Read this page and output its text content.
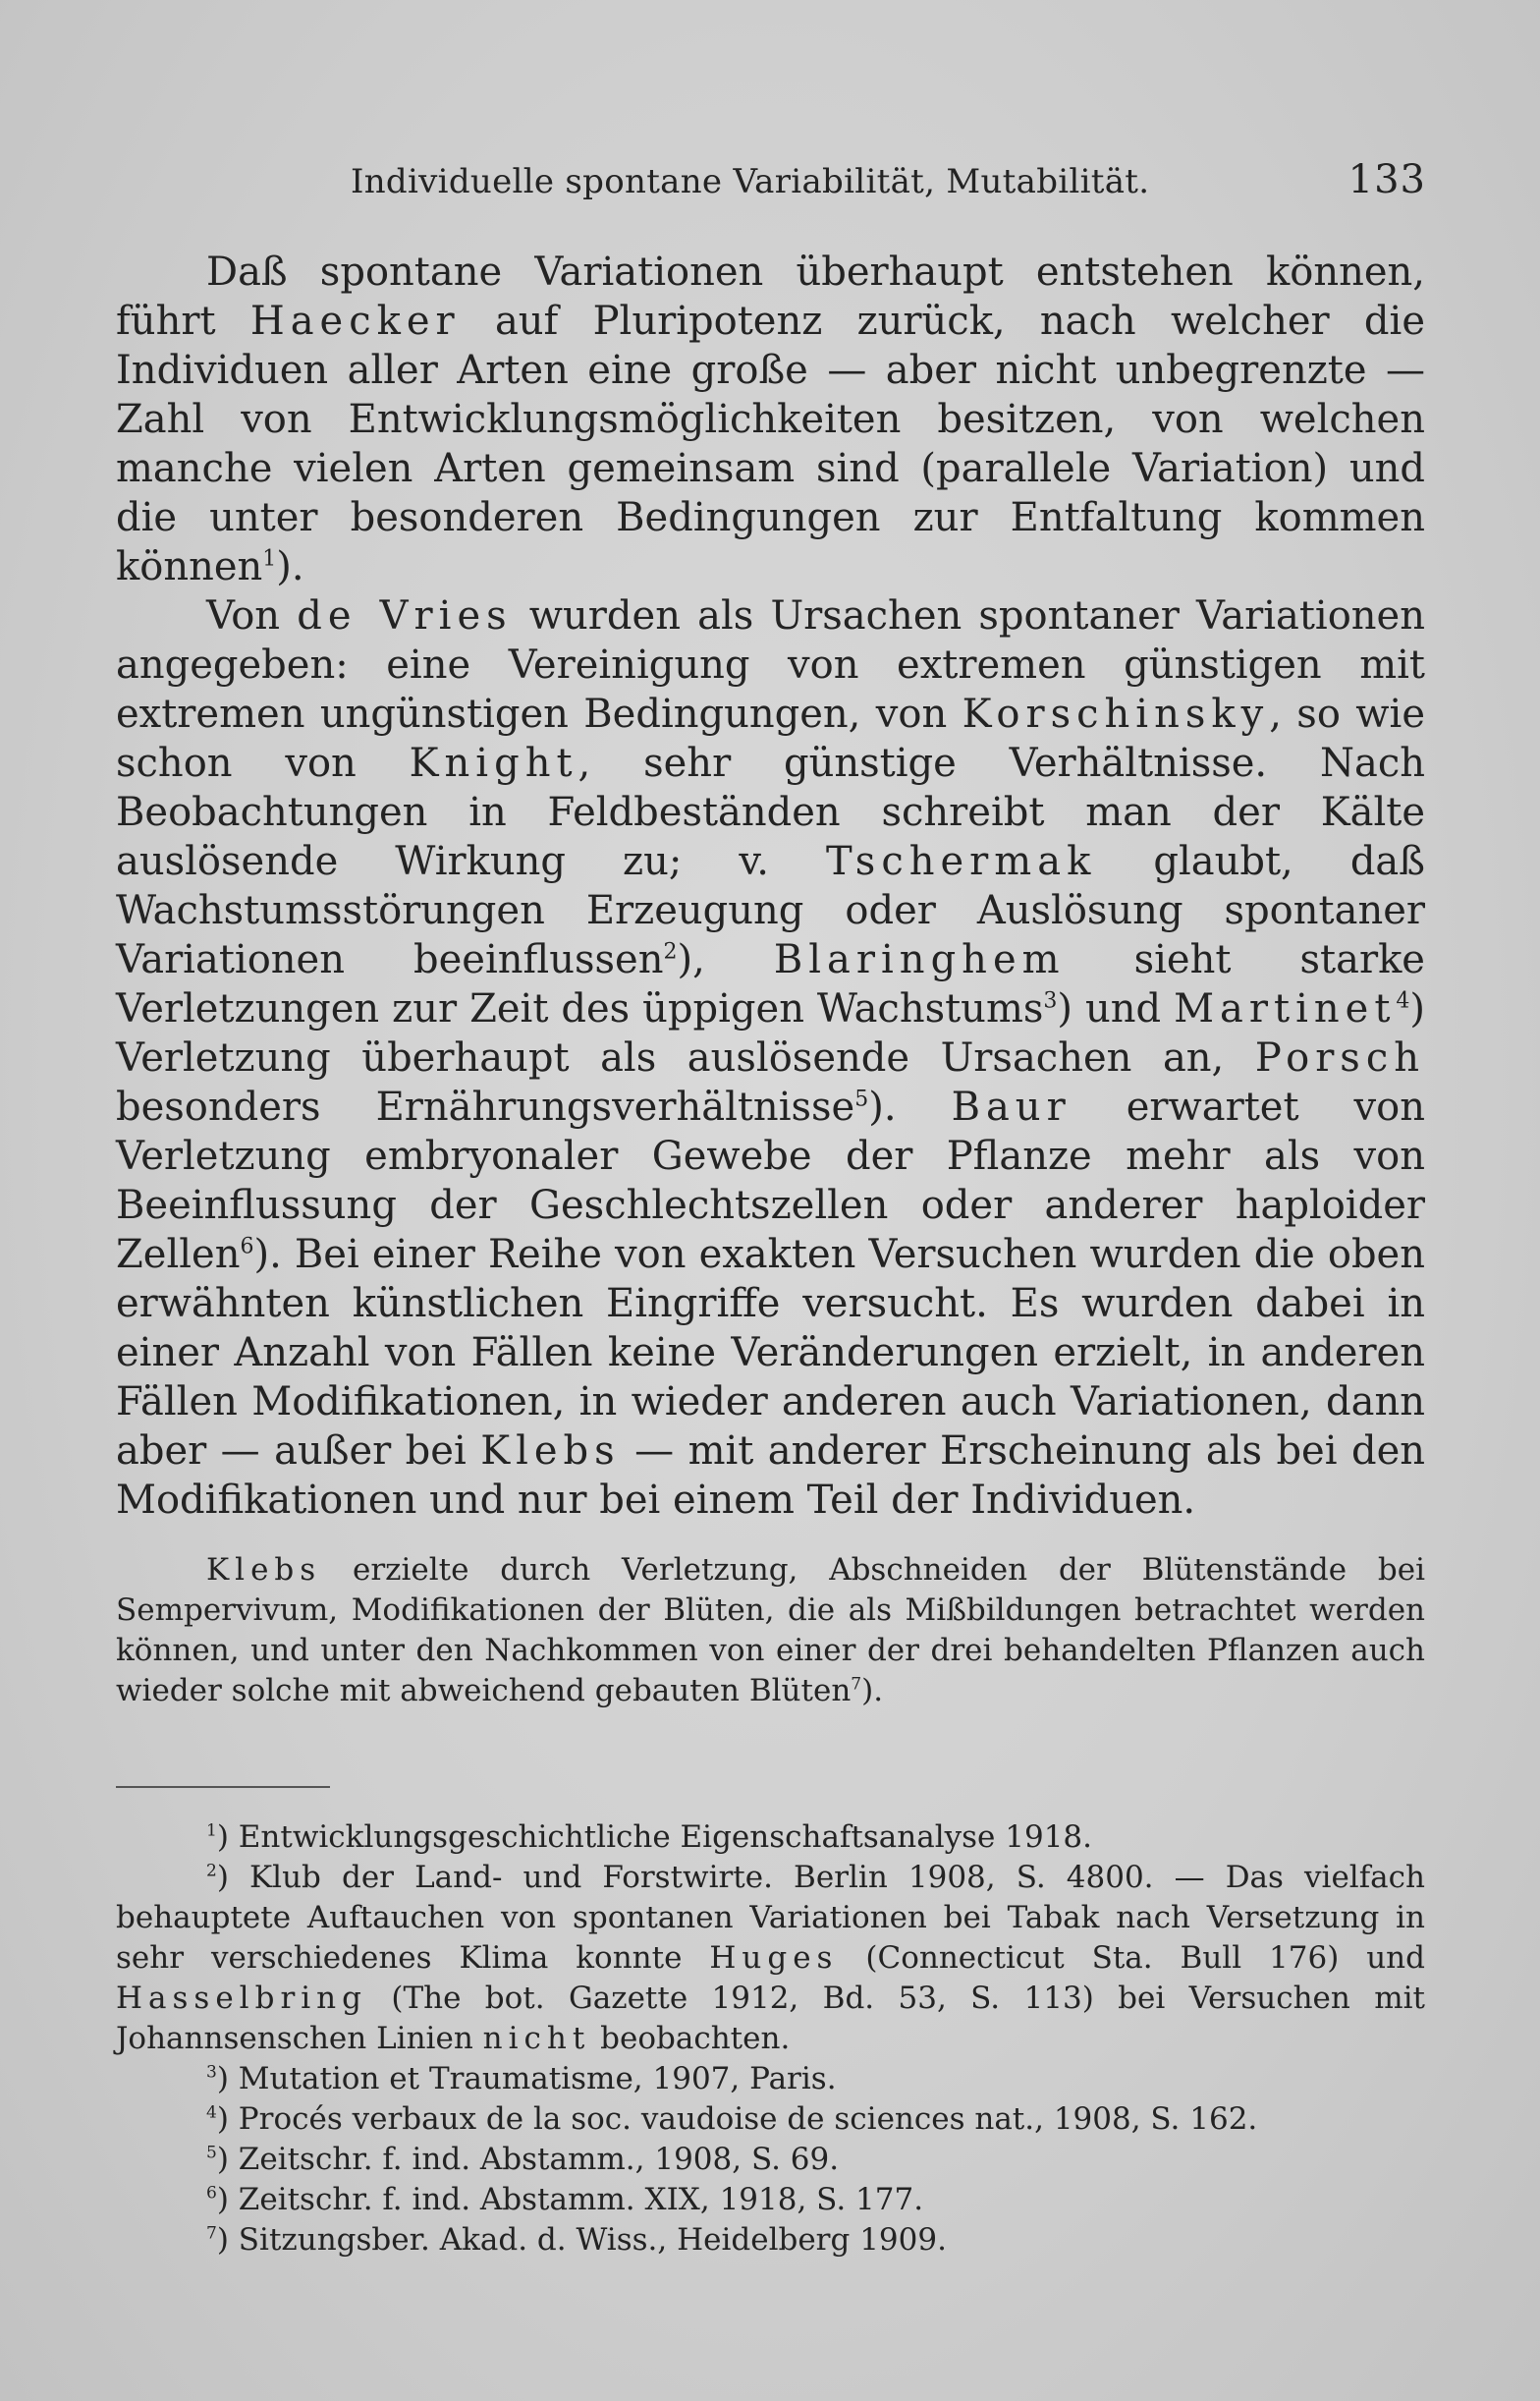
Individuelle spontane Variabilität, Mutabilität.	133

Daß spontane Variationen überhaupt entstehen können, führt Haecker auf Pluripotenz zurück, nach welcher die Individuen aller Arten eine große — aber nicht unbegrenzte — Zahl von Entwicklungsmöglichkeiten besitzen, von welchen manche vielen Arten gemeinsam sind (parallele Variation) und die unter besonderen Bedingungen zur Entfaltung kommen können$^1$).

Von de Vries wurden als Ursachen spontaner Variationen angegeben: eine Vereinigung von extremen günstigen mit extremen ungünstigen Bedingungen, von Korschinsky, so wie schon von Knight, sehr günstige Verhältnisse. Nach Beobachtungen in Feldbeständen schreibt man der Kälte auslösende Wirkung zu; v. Tschermak glaubt, daß Wachstumsstörungen Erzeugung oder Auslösung spontaner Variationen beeinflussen$^2$), Blaringhem sieht starke Verletzungen zur Zeit des üppigen Wachstums$^3$) und Martinet$^4$) Verletzung überhaupt als auslösende Ursachen an, Porsch besonders Ernährungsverhältnisse$^5$). Baur erwartet von Verletzung embryonaler Gewebe der Pflanze mehr als von Beeinflussung der Geschlechtszellen oder anderer haploider Zellen$^6$). Bei einer Reihe von exakten Versuchen wurden die oben erwähnten künstlichen Eingriffe versucht. Es wurden dabei in einer Anzahl von Fällen keine Veränderungen erzielt, in anderen Fällen Modifikationen, in wieder anderen auch Variationen, dann aber — außer bei Klebs — mit anderer Erscheinung als bei den Modifikationen und nur bei einem Teil der Individuen.

Klebs erzielte durch Verletzung, Abschneiden der Blütenstände bei Sempervivum, Modifikationen der Blüten, die als Mißbildungen betrachtet werden können, und unter den Nachkommen von einer der drei behandelten Pflanzen auch wieder solche mit abweichend gebauten Blüten$^7$).

$^1$) Entwicklungsgeschichtliche Eigenschaftsanalyse 1918.

$^2$) Klub der Land- und Forstwirte. Berlin 1908, S. 4800. — Das vielfach behauptete Auftauchen von spontanen Variationen bei Tabak nach Versetzung in sehr verschiedenes Klima konnte Huges (Connecticut Sta. Bull 176) und Hasselbring (The bot. Gazette 1912, Bd. 53, S. 113) bei Versuchen mit Johannsenschen Linien nicht beobachten.

$^3$) Mutation et Traumatisme, 1907, Paris.

$^4$) Procés verbaux de la soc. vaudoise de sciences nat., 1908, S. 162.

$^5$) Zeitschr. f. ind. Abstamm., 1908, S. 69.

$^6$) Zeitschr. f. ind. Abstamm. XIX, 1918, S. 177.

$^7$) Sitzungsber. Akad. d. Wiss., Heidelberg 1909.
